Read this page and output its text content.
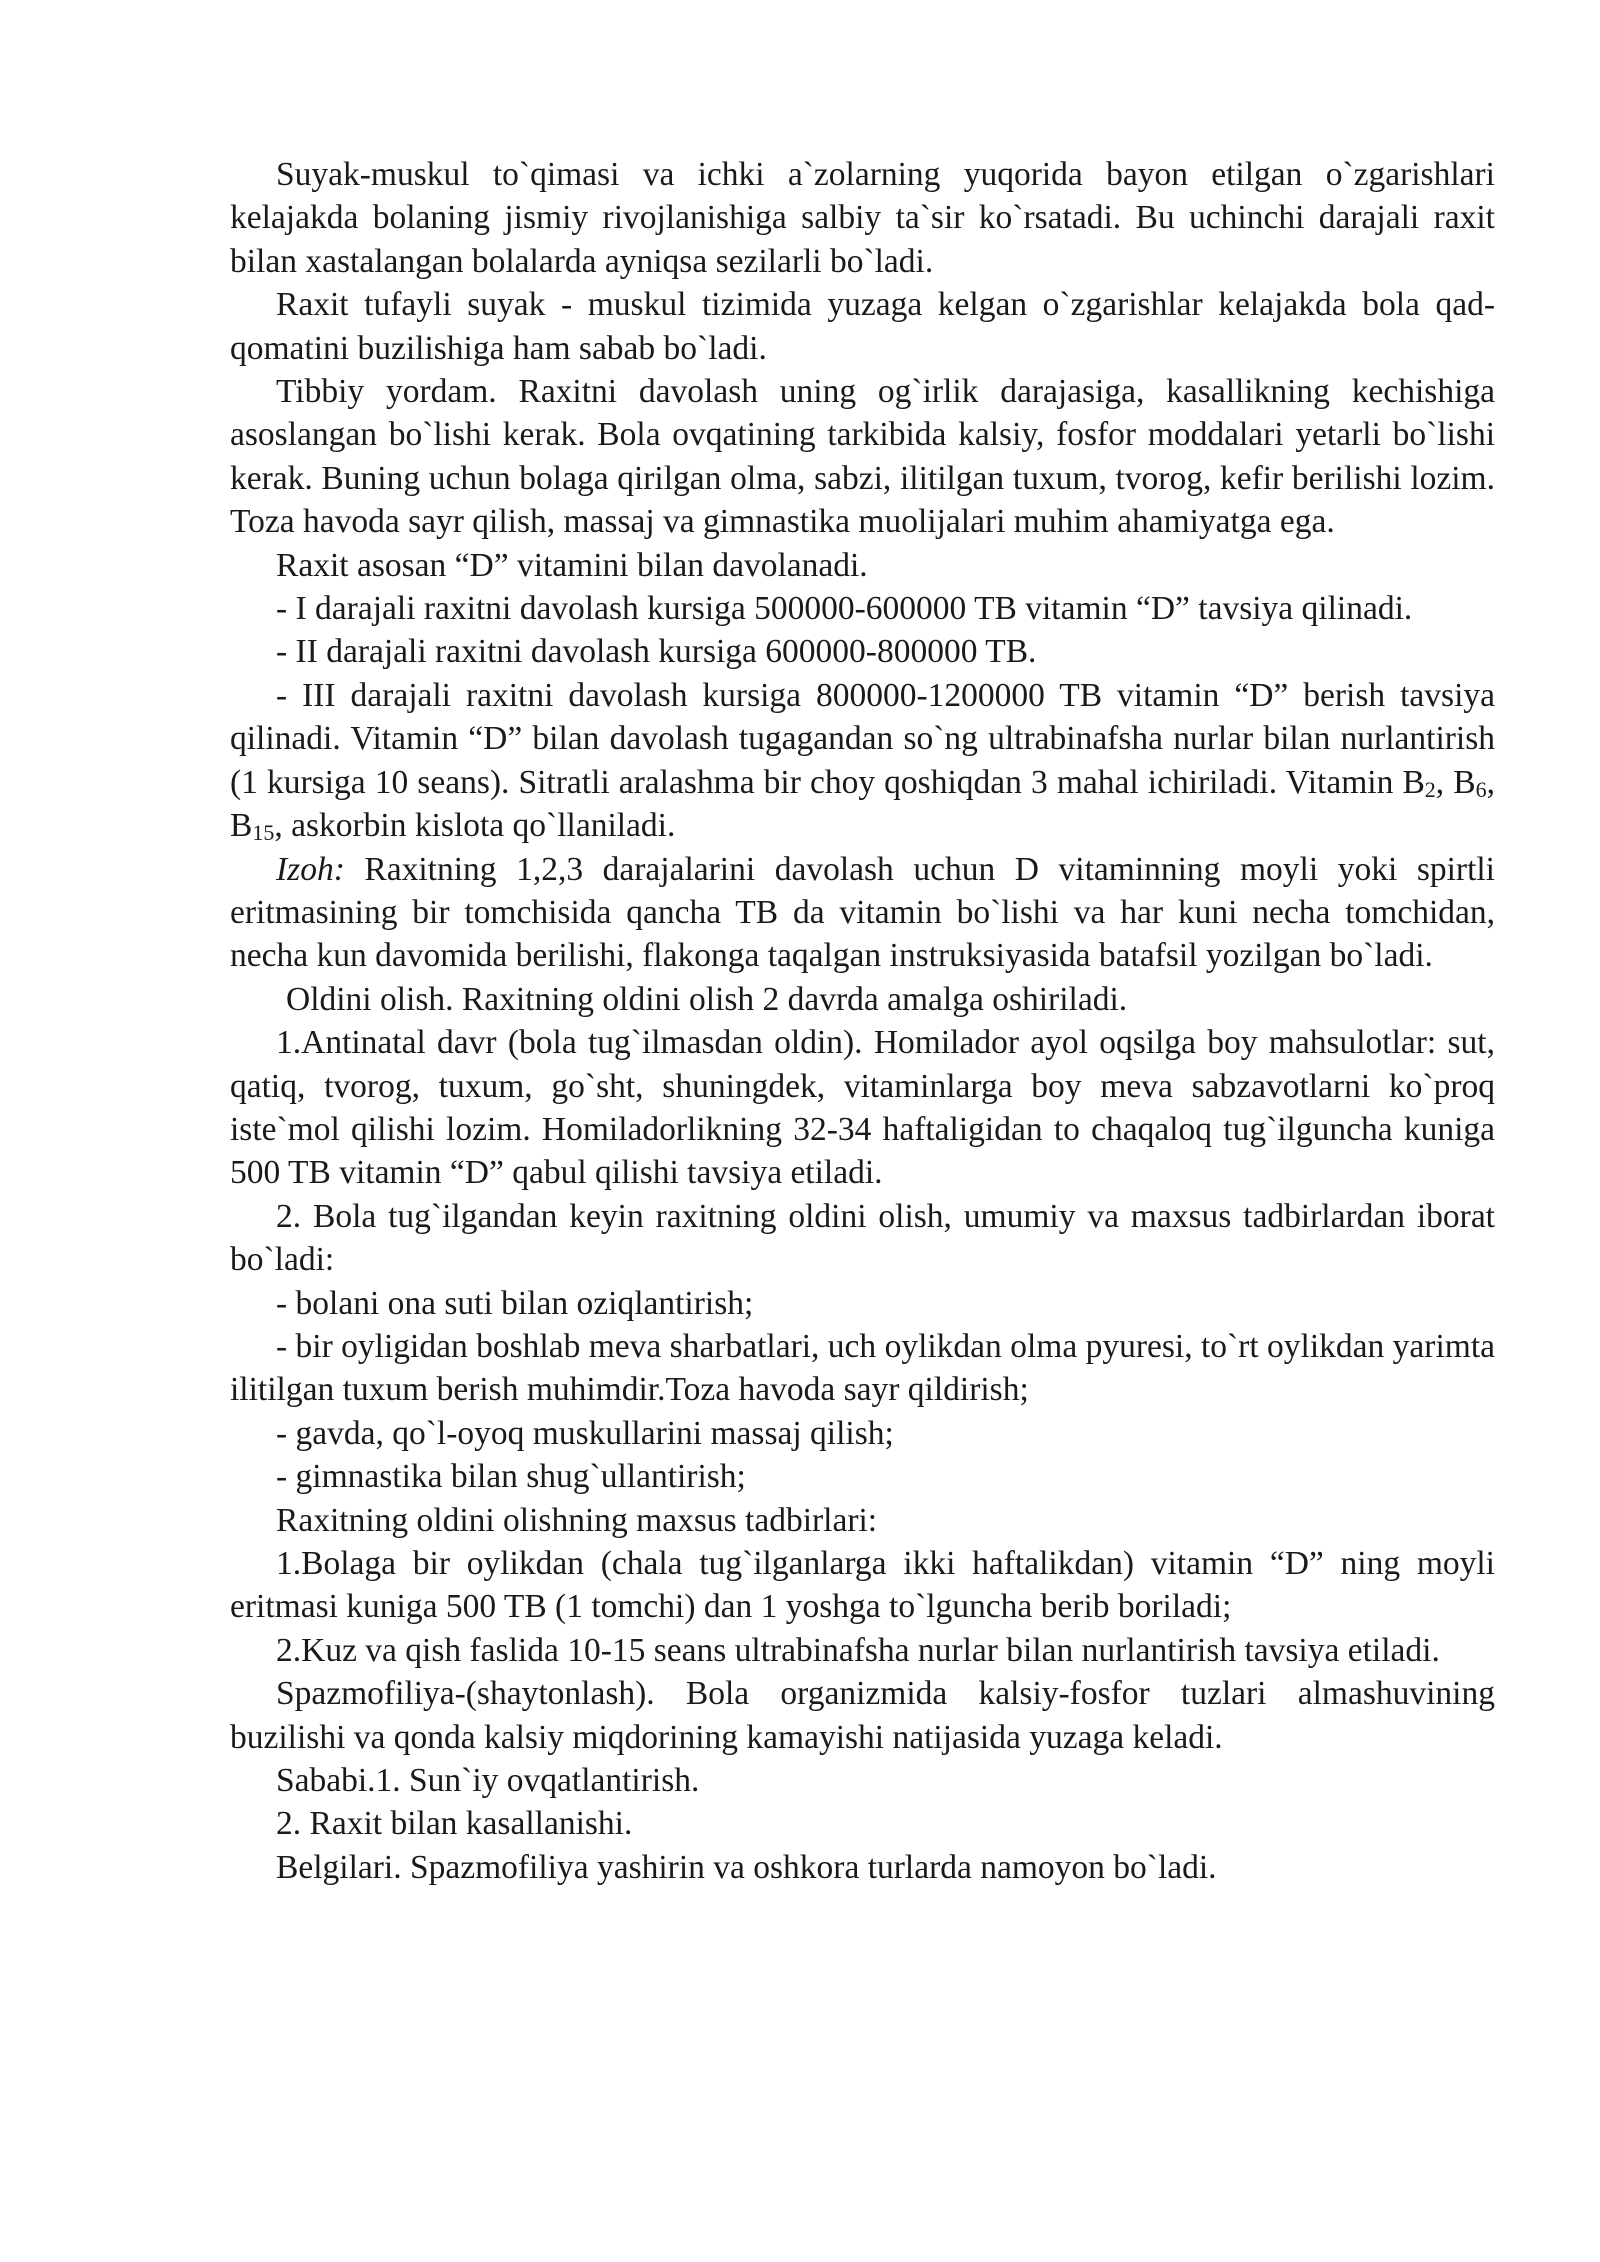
Suyak-muskul to`qimasi va ichki a`zolarning yuqorida bayon etilgan o`zgarishlari kelajakda bolaning jismiy rivojlanishiga salbiy ta`sir ko`rsatadi. Bu uchinchi darajali raxit bilan xastalangan bolalarda ayniqsa sezilarli bo`ladi.

Raxit tufayli suyak - muskul tizimida yuzaga kelgan o`zgarishlar kelajakda bola qad-qomatini buzilishiga ham sabab bo`ladi.

Tibbiy yordam. Raxitni davolash uning og`irlik darajasiga, kasallikning kechishiga asoslangan bo`lishi kerak. Bola ovqatining tarkibida kalsiy, fosfor moddalari yetarli bo`lishi kerak. Buning uchun bolaga qirilgan olma, sabzi, ilitilgan tuxum, tvorog, kefir berilishi lozim. Toza havoda sayr qilish, massaj va gimnastika muolijalari muhim ahamiyatga ega.

Raxit asosan “D” vitamini bilan davolanadi.

- I darajali raxitni davolash kursiga 500000-600000 TB vitamin “D” tavsiya qilinadi.

- II darajali raxitni davolash kursiga 600000-800000 TB.

- III darajali raxitni davolash kursiga 800000-1200000 TB vitamin “D” berish tavsiya qilinadi. Vitamin “D” bilan davolash tugagandan so`ng ultrabinafsha nurlar bilan nurlantirish (1 kursiga 10 seans). Sitratli aralashma bir choy qoshiqdan 3 mahal ichiriladi. Vitamin $B_2$, $B_6$, $B_{15}$, askorbin kislota qo`llaniladi.

Izoh: Raxitning 1,2,3 darajalarini davolash uchun D vitaminning moyli yoki spirtli eritmasining bir tomchisida qancha TB da vitamin bo`lishi va har kuni necha tomchidan, necha kun davomida berilishi, flakonga taqalgan instruksiyasida batafsil yozilgan bo`ladi.

Oldini olish. Raxitning oldini olish 2 davrda amalga oshiriladi.

1.Antinatal davr (bola tug`ilmasdan oldin). Homilador ayol oqsilga boy mahsulotlar: sut, qatiq, tvorog, tuxum, go`sht, shuningdek, vitaminlarga boy meva sabzavotlarni ko`proq iste`mol qilishi lozim. Homiladorlikning 32-34 haftaligidan to chaqaloq tug`ilguncha kuniga 500 TB vitamin “D” qabul qilishi tavsiya etiladi.

2. Bola tug`ilgandan keyin raxitning oldini olish, umumiy va maxsus tadbirlardan iborat bo`ladi:

- bolani ona suti bilan oziqlantirish;

- bir oyligidan boshlab meva sharbatlari, uch oylikdan olma pyuresi, to`rt oylikdan yarimta ilitilgan tuxum berish muhimdir.Toza havoda sayr qildirish;

- gavda, qo`l-oyoq muskullarini massaj qilish;

- gimnastika bilan shug`ullantirish;

Raxitning oldini olishning maxsus tadbirlari:

1.Bolaga bir oylikdan (chala tug`ilganlarga ikki haftalikdan) vitamin “D” ning moyli eritmasi kuniga 500 TB (1 tomchi) dan 1 yoshga to`lguncha berib boriladi;

2.Kuz va qish faslida 10-15 seans ultrabinafsha nurlar bilan nurlantirish tavsiya etiladi.

Spazmofiliya-(shaytonlash). Bola organizmida kalsiy-fosfor tuzlari almashuvining buzilishi va qonda kalsiy miqdorining kamayishi natijasida yuzaga keladi.

Sababi.1. Sun`iy ovqatlantirish.

2. Raxit bilan kasallanishi.

Belgilari. Spazmofiliya yashirin va oshkora turlarda namoyon bo`ladi.
